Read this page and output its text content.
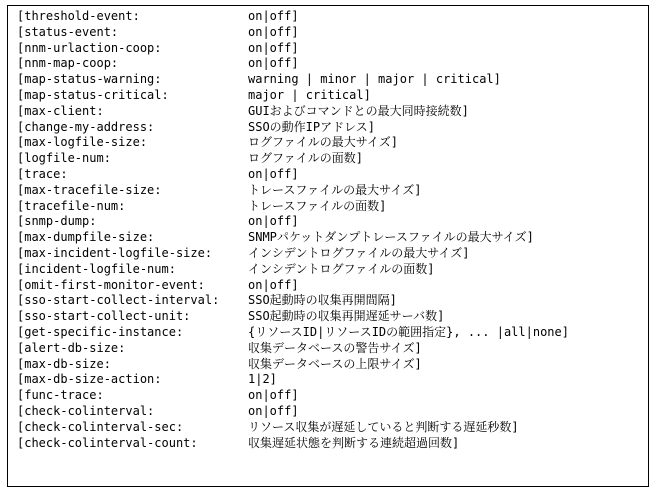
[threshold-event:	on|off]
[status-event:	on|off]
[nnm-urlaction-coop:	on|off]
[nnm-map-coop:	on|off]
[map-status-warning:	warning | minor | major | critical]
[map-status-critical:	major | critical]
[max-client:	GUIおよびコマンドとの最大同時接続数]
[change-my-address:	SSOの動作IPアドレス]
[max-logfile-size:	ログファイルの最大サイズ]
[logfile-num:	ログファイルの面数]
[trace:	on|off]
[max-tracefile-size:	トレースファイルの最大サイズ]
[tracefile-num:	トレースファイルの面数]
[snmp-dump:	on|off]
[max-dumpfile-size:	SNMPパケットダンプトレースファイルの最大サイズ]
[max-incident-logfile-size:	インシデントログファイルの最大サイズ]
[incident-logfile-num:	インシデントログファイルの面数]
[omit-first-monitor-event:	on|off]
[sso-start-collect-interval:	SSO起動時の収集再開間隔]
[sso-start-collect-unit:	SSO起動時の収集再開遅延サーバ数]
[get-specific-instance:	{リソースID|リソースIDの範囲指定}, ... |all|none]
[alert-db-size:	収集データベースの警告サイズ]
[max-db-size:	収集データベースの上限サイズ]
[max-db-size-action:	1|2]
[func-trace:	on|off]
[check-colinterval:	on|off]
[check-colinterval-sec:	リソース収集が遅延していると判断する遅延秒数]
[check-colinterval-count:	収集遅延状態を判断する連続超過回数]
